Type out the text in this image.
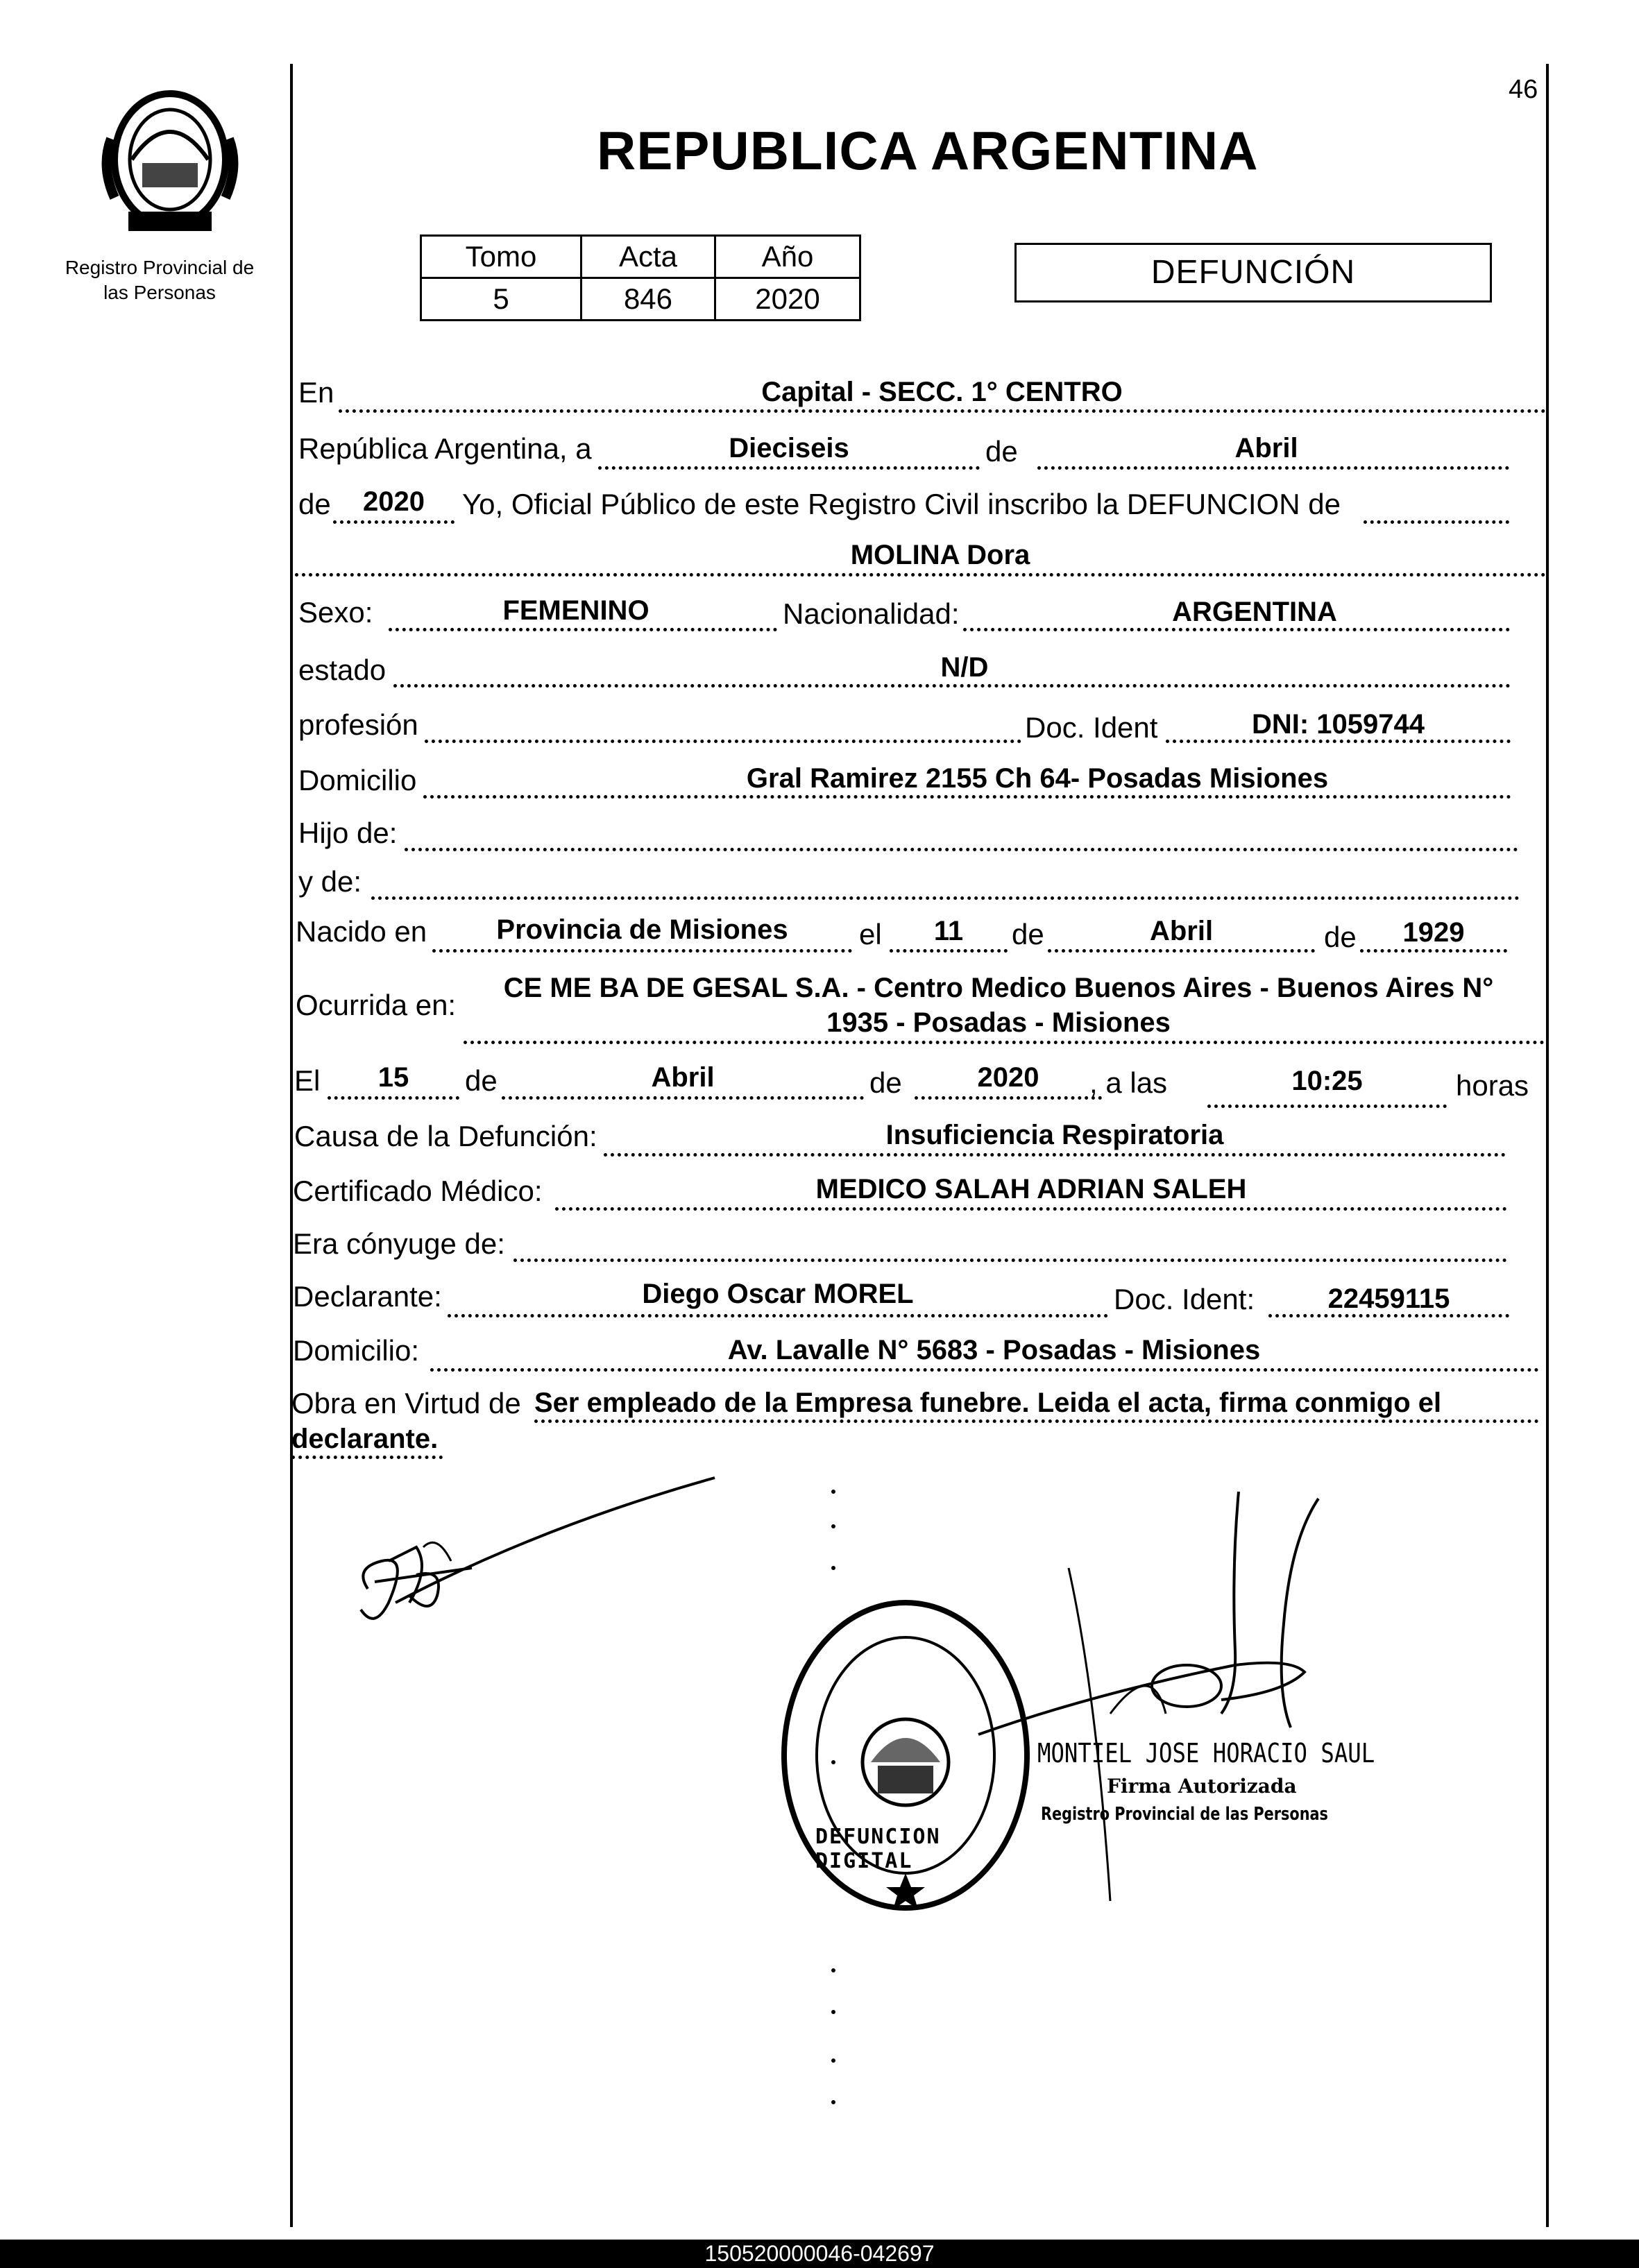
Registro Provincial de
las Personas
46
REPUBLICA ARGENTINA
Tomo	Acta	Año
5	846	2020
DEFUNCIÓN
En	Capital - SECC. 1° CENTRO
República Argentina, a	Dieciseis	de	Abril
de	2020	Yo, Oficial Público de este Registro Civil inscribo la DEFUNCION de
MOLINA Dora
Sexo:	FEMENINO	Nacionalidad:	ARGENTINA
estado	N/D
profesión	Doc. Ident	DNI: 1059744
Domicilio	Gral Ramirez 2155 Ch 64- Posadas Misiones
Hijo de:
y de:
Nacido en	Provincia de Misiones	el	11	de	Abril	de	1929
Ocurrida en:
CE ME BA DE GESAL S.A. - Centro Medico Buenos Aires - Buenos Aires N°
1935 - Posadas - Misiones
El	15	de	Abril	de	2020	, a las	10:25	horas
Causa de la Defunción:	Insuficiencia Respiratoria
Certificado Médico:	MEDICO SALAH ADRIAN SALEH
Era cónyuge de:
Declarante:	Diego Oscar MOREL	Doc. Ident:	22459115
Domicilio:	Av. Lavalle N° 5683 - Posadas - Misiones
Obra en Virtud de Ser empleado de la Empresa funebre. Leida el acta, firma conmigo el
declarante.
DEFUNCION DIGITAL
MONTIEL JOSE HORACIO SAUL
Firma Autorizada
Registro Provincial de las Personas
150520000046-042697
